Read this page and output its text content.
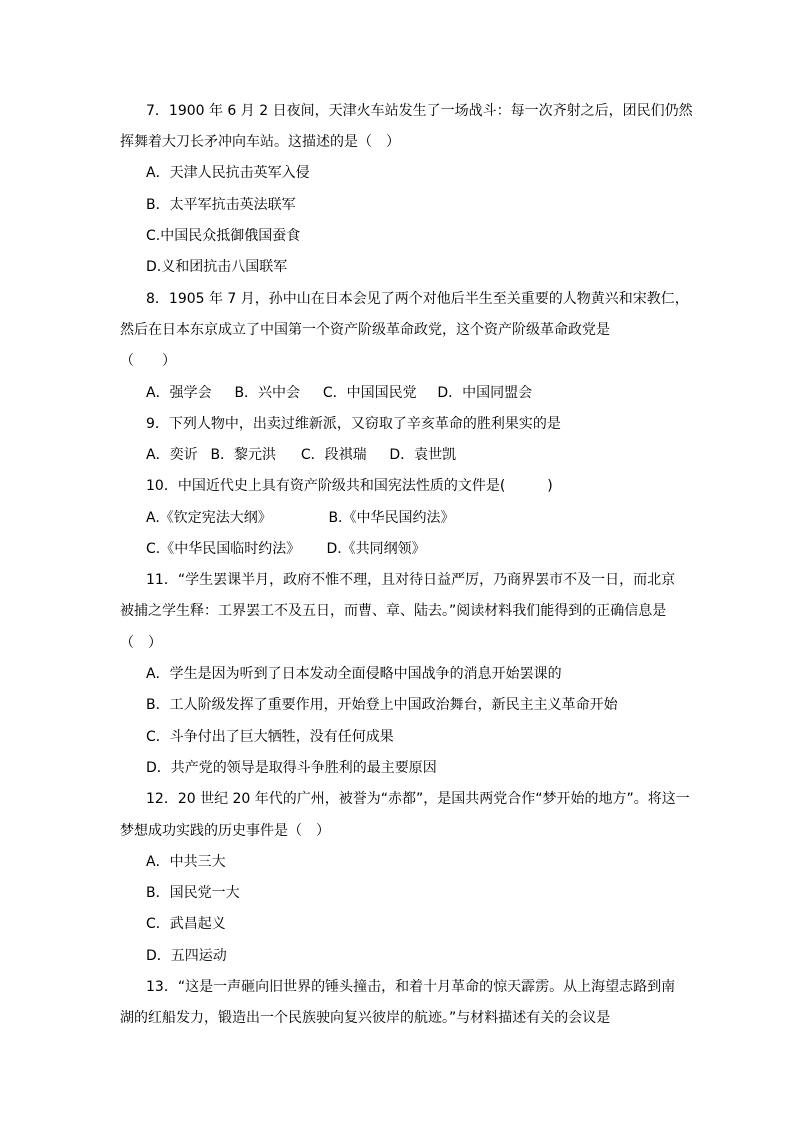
7．1900 年 6 月 2 日夜间，天津火车站发生了一场战斗：每一次齐射之后，团民们仍然
挥舞着大刀长矛冲向车站。这描述的是（　）
A．天津人民抗击英军入侵
B．太平军抗击英法联军
C.中国民众抵御俄国蚕食
D.义和团抗击八国联军
8．1905 年 7 月，孙中山在日本会见了两个对他后半生至关重要的人物黄兴和宋教仁，
然后在日本东京成立了中国第一个资产阶级革命政党，这个资产阶级革命政党是
（　　）
A．强学会 B．兴中会 C．中国国民党 D．中国同盟会
9．下列人物中，出卖过维新派，又窃取了辛亥革命的胜利果实的是
A．奕䜣 B．黎元洪 C．段祺瑞 D．袁世凯
10．中国近代史上具有资产阶级共和国宪法性质的文件是(　　　)
A.《钦定宪法大纲》	B.《中华民国约法》
C.《中华民国临时约法》 D.《共同纲领》
11．“学生罢课半月，政府不惟不理，且对待日益严厉，乃商界罢市不及一日，而北京
被捕之学生释：工界罢工不及五日，而曹、章、陆去。”阅读材料我们能得到的正确信息是
（　）
A．学生是因为听到了日本发动全面侵略中国战争的消息开始罢课的
B．工人阶级发挥了重要作用，开始登上中国政治舞台，新民主主义革命开始
C．斗争付出了巨大牺牲，没有任何成果
D．共产党的领导是取得斗争胜利的最主要原因
12．20 世纪 20 年代的广州，被誉为“赤都”，是国共两党合作“梦开始的地方”。将这一
梦想成功实践的历史事件是（　）
A．中共三大
B．国民党一大
C．武昌起义
D．五四运动
13．“这是一声砸向旧世界的锤头撞击，和着十月革命的惊天霹雳。从上海望志路到南
湖的红船发力，锻造出一个民族驶向复兴彼岸的航迹。”与材料描述有关的会议是
